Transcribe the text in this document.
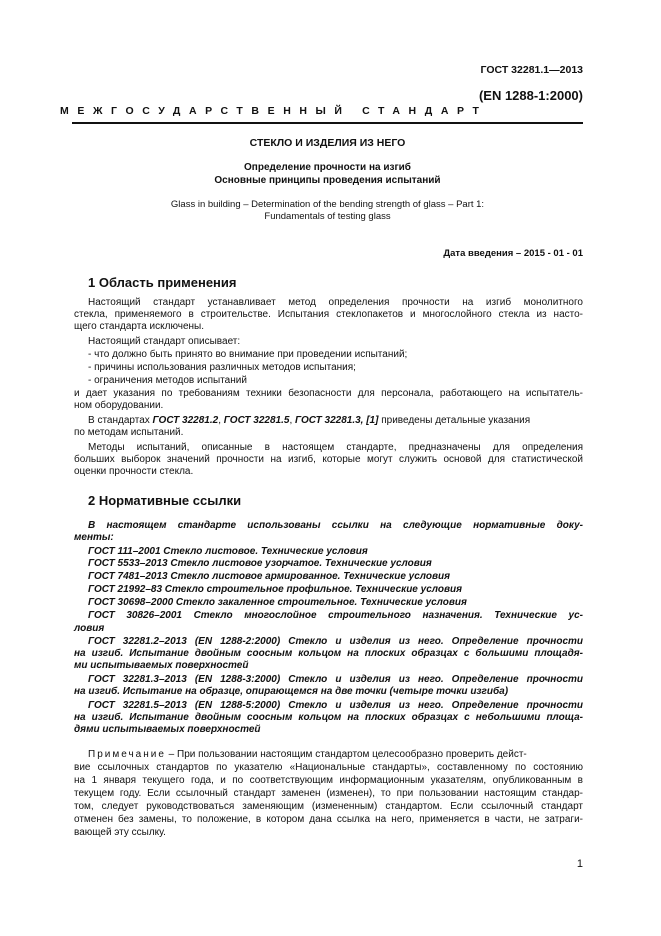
ГОСТ 32281.1—2013
(EN 1288-1:2000)
МЕЖГОСУДАРСТВЕННЫЙ СТАНДАРТ
СТЕКЛО И ИЗДЕЛИЯ ИЗ НЕГО
Определение прочности на изгиб
Основные принципы проведения испытаний
Glass in building – Determination of the bending strength of glass – Part 1:
Fundamentals of testing glass
Дата введения – 2015 - 01 - 01
1 Область применения
Настоящий стандарт устанавливает метод определения прочности на изгиб монолитного
стекла, применяемого в строительстве. Испытания стеклопакетов и многослойного стекла из насто-
щего стандарта исключены.
Настоящий стандарт описывает:
- что должно быть принято во внимание при проведении испытаний;
- причины использования различных методов испытания;
- ограничения методов испытаний
и дает указания по требованиям техники безопасности для персонала, работающего на испытатель-
ном оборудовании.
В стандартах ГОСТ 32281.2, ГОСТ 32281.5, ГОСТ 32281.3, [1] приведены детальные указания
по методам испытаний.
Методы испытаний, описанные в настоящем стандарте, предназначены для определения
больших выборок значений прочности на изгиб, которые могут служить основой для статистической
оценки прочности стекла.
2 Нормативные ссылки
В настоящем стандарте использованы ссылки на следующие нормативные доку-
менты:
ГОСТ 111–2001 Стекло листовое. Технические условия
ГОСТ 5533–2013 Стекло листовое узорчатое. Технические условия
ГОСТ 7481–2013 Стекло листовое армированное. Технические условия
ГОСТ 21992–83 Стекло строительное профильное. Технические условия
ГОСТ 30698–2000 Стекло закаленное строительное. Технические условия
ГОСТ 30826–2001 Стекло многослойное строительного назначения. Технические ус-
ловия
ГОСТ 32281.2–2013 (EN 1288-2:2000) Стекло и изделия из него. Определение прочности
на изгиб. Испытание двойным соосным кольцом на плоских образцах с большими площадя-
ми испытываемых поверхностей
ГОСТ 32281.3–2013 (EN 1288-3:2000) Стекло и изделия из него. Определение прочности
на изгиб. Испытание на образце, опирающемся на две точки (четыре точки изгиба)
ГОСТ 32281.5–2013 (EN 1288-5:2000) Стекло и изделия из него. Определение прочности
на изгиб. Испытание двойным соосным кольцом на плоских образцах с небольшими площа-
дями испытываемых поверхностей
Примечание – При пользовании настоящим стандартом целесообразно проверить дейст-
вие ссылочных стандартов по указателю «Национальные стандарты», составленному по состоянию
на 1 января текущего года, и по соответствующим информационным указателям, опубликованным в
текущем году. Если ссылочный стандарт заменен (изменен), то при пользовании настоящим стандар-
том, следует руководствоваться заменяющим (измененным) стандартом. Если ссылочный стандарт
отменен без замены, то положение, в котором дана ссылка на него, применяется в части, не затраги-
вающей эту ссылку.
1
